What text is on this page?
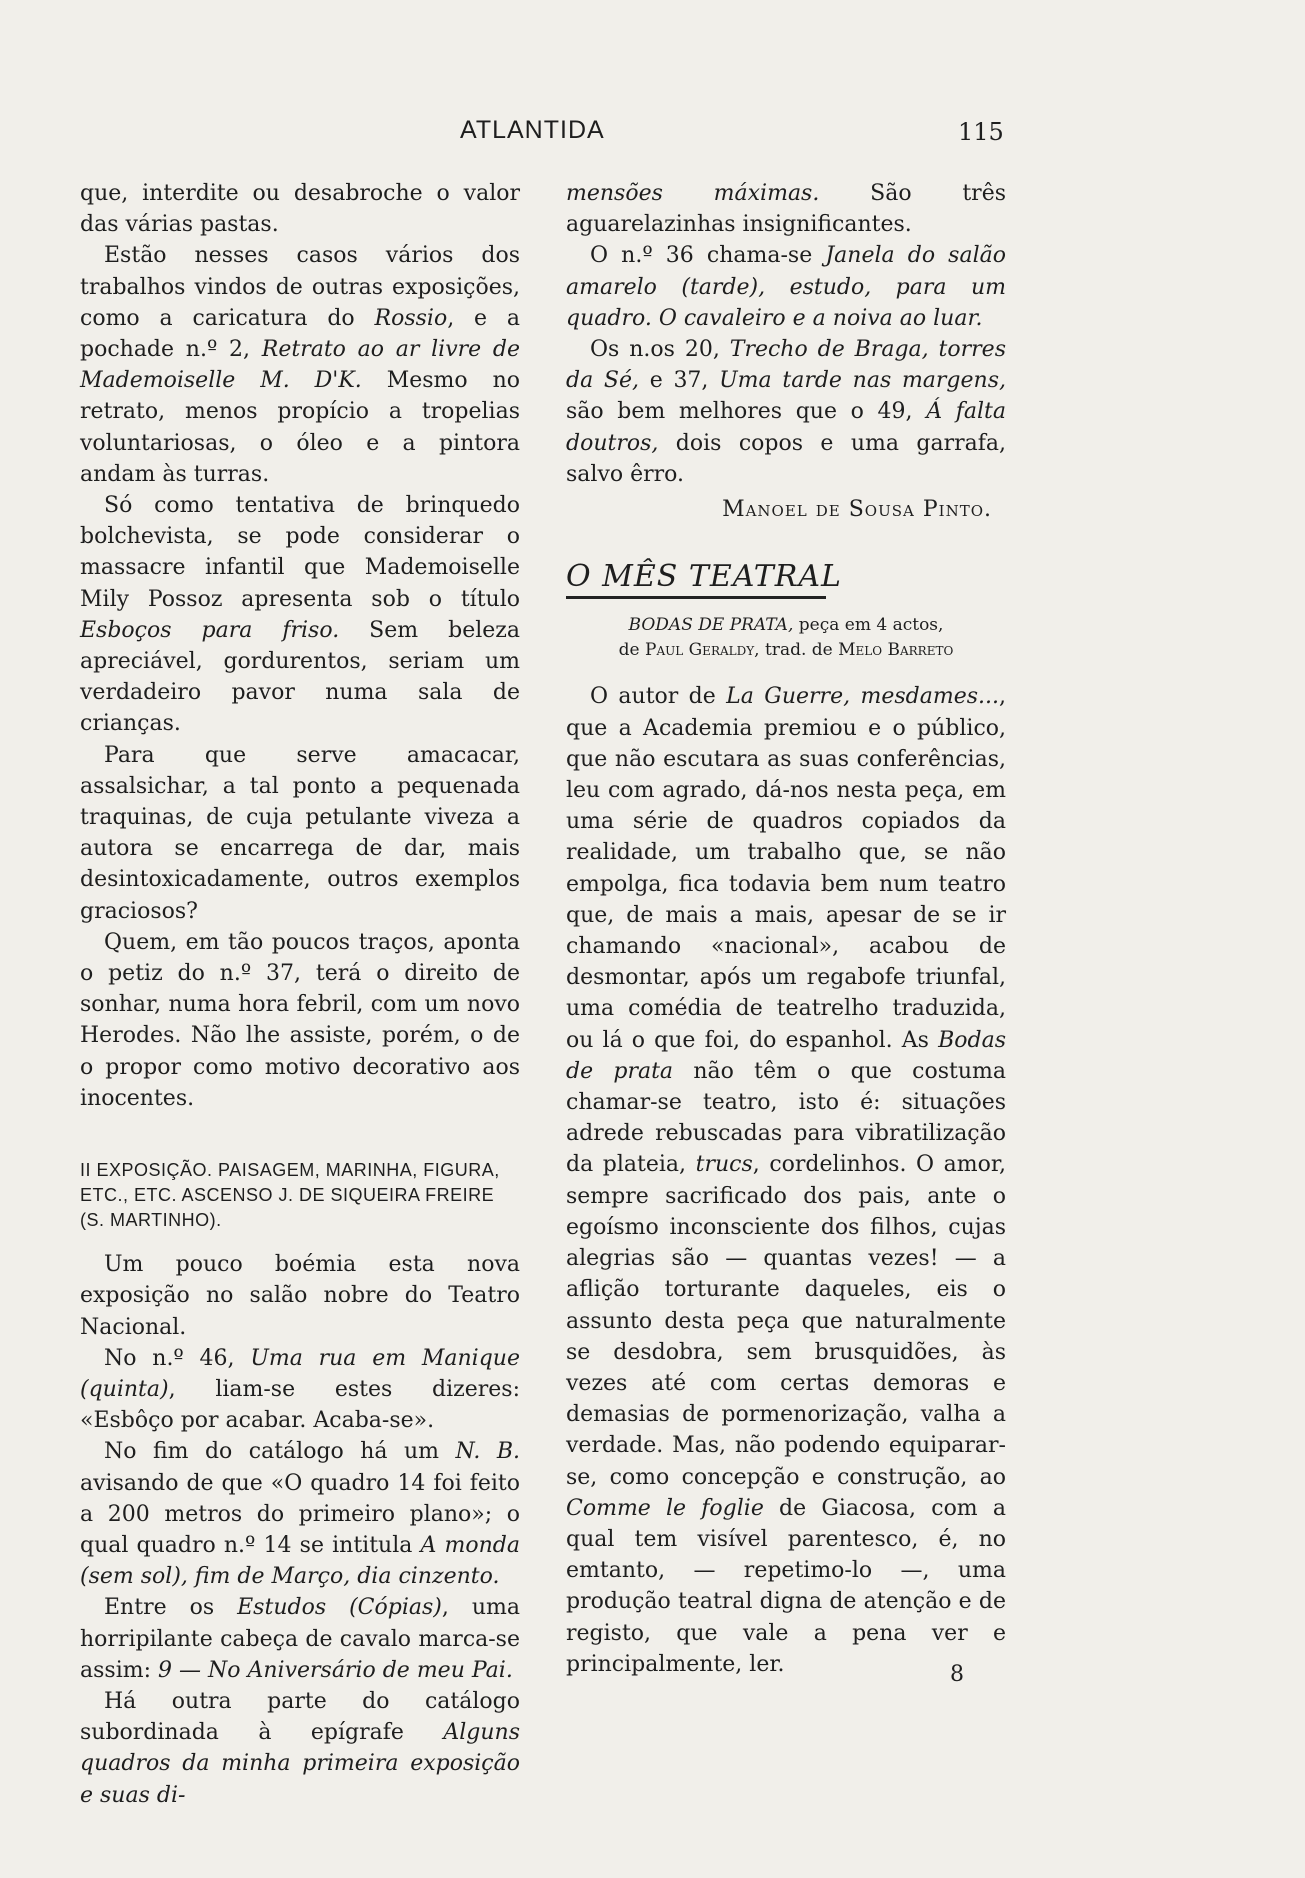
ATLANTIDA	115

que, interdite ou desabroche o valor das várias pastas.

Estão nesses casos vários dos trabalhos vindos de outras exposições, como a caricatura do Rossio, e a pochade n.º 2, Retrato ao ar livre de Mademoiselle M. D'K. Mesmo no retrato, menos propício a tropelias voluntariosas, o óleo e a pintora andam às turras.

Só como tentativa de brinquedo bolchevista, se pode considerar o massacre infantil que Mademoiselle Mily Possoz apresenta sob o título Esboços para friso. Sem beleza apreciável, gordurentos, seriam um verdadeiro pavor numa sala de crianças.

Para que serve amacacar, assalsichar, a tal ponto a pequenada traquinas, de cuja petulante viveza a autora se encarrega de dar, mais desintoxicadamente, outros exemplos graciosos?

Quem, em tão poucos traços, aponta o petiz do n.º 37, terá o direito de sonhar, numa hora febril, com um novo Herodes. Não lhe assiste, porém, o de o propor como motivo decorativo aos inocentes.

II EXPOSIÇÃO. PAISAGEM, MARINHA, FIGURA, ETC., ETC. ASCENSO J. DE SIQUEIRA FREIRE (S. MARTINHO).

Um pouco boémia esta nova exposição no salão nobre do Teatro Nacional.

No n.º 46, Uma rua em Manique (quinta), liam-se estes dizeres: «Esbôço por acabar. Acaba-se».

No fim do catálogo há um N. B. avisando de que «O quadro 14 foi feito a 200 metros do primeiro plano»; o qual quadro n.º 14 se intitula A monda (sem sol), fim de Março, dia cinzento.

Entre os Estudos (Cópias), uma horripilante cabeça de cavalo marca-se assim: 9 — No Aniversário de meu Pai.

Há outra parte do catálogo subordinada à epígrafe Alguns quadros da minha primeira exposição e suas di-

mensões máximas. São três aguarelazinhas insignificantes.

O n.º 36 chama-se Janela do salão amarelo (tarde), estudo, para um quadro. O cavaleiro e a noiva ao luar.

Os n.os 20, Trecho de Braga, torres da Sé, e 37, Uma tarde nas margens, são bem melhores que o 49, Á falta doutros, dois copos e uma garrafa, salvo êrro.

Manoel de Sousa Pinto.
O MÊS TEATRAL
BODAS DE PRATA, peça em 4 actos,
de Paul Geraldy, trad. de Melo Barreto

O autor de La Guerre, mesdames..., que a Academia premiou e o público, que não escutara as suas conferências, leu com agrado, dá-nos nesta peça, em uma série de quadros copiados da realidade, um trabalho que, se não empolga, fica todavia bem num teatro que, de mais a mais, apesar de se ir chamando «nacional», acabou de desmontar, após um regabofe triunfal, uma comédia de teatrelho traduzida, ou lá o que foi, do espanhol. As Bodas de prata não têm o que costuma chamar-se teatro, isto é: situações adrede rebuscadas para vibratilização da plateia, trucs, cordelinhos. O amor, sempre sacrificado dos pais, ante o egoísmo inconsciente dos filhos, cujas alegrias são — quantas vezes! — a aflição torturante daqueles, eis o assunto desta peça que naturalmente se desdobra, sem brusquidões, às vezes até com certas demoras e demasias de pormenorização, valha a verdade. Mas, não podendo equiparar-se, como concepção e construção, ao Comme le foglie de Giacosa, com a qual tem visível parentesco, é, no emtanto, — repetimo-lo —, uma produção teatral digna de atenção e de registo, que vale a pena ver e principalmente, ler.	8
